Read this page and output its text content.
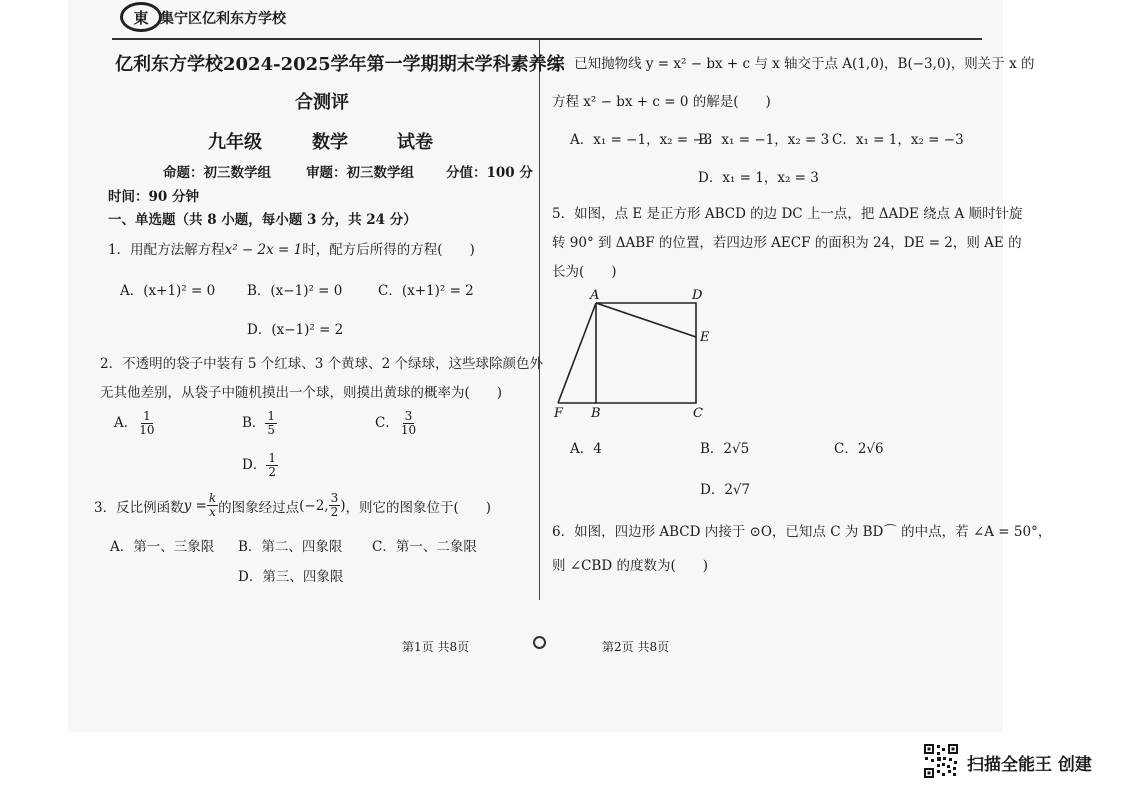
東 集宁区亿利东方学校
亿利东方学校2024-2025学年第一学期期末学科素养综
合测评
九年级	数学	试卷
命题：初三数学组	审题：初三数学组 分值：100 分
时间：90 分钟
一、单选题（共 8 小题，每小题 3 分，共 24 分）
1．用配方法解方程x² − 2x = 1时，配方后所得的方程(　　)
A．(x+1)² = 0 B．(x−1)² = 0	C．(x+1)² = 2
D．(x−1)² = 2
2．不透明的袋子中装有 5 个红球、3 个黄球、2 个绿球，这些球除颜色外
无其他差别，从袋子中随机摸出一个球，则摸出黄球的概率为(　　)
A． $\frac{1}{10}$	B． $\frac{1}{5}$	C． $\frac{3}{10}$
D． $\frac{1}{2}$
3．反比例函数 $y = \frac{k}{x}$ 的图象经过点 (−2, $\frac{3}{2}$ ) ，则它的图象位于(　　)
A．第一、三象限 B．第二、四象限 C．第一、二象限
D．第三、四象限
4．已知抛物线 y = x² − bx + c 与 x 轴交于点 A(1,0)，B(−3,0)，则关于 x 的
方程 x² − bx + c = 0 的解是(　　)
A．x₁ = −1，x₂ = −3
B．x₁ = −1，x₂ = 3 C．x₁ = 1，x₂ = −3
D．x₁ = 1，x₂ = 3
5．如图，点 E 是正方形 ABCD 的边 DC 上一点，把 ΔADE 绕点 A 顺时针旋
转 90° 到 ΔABF 的位置，若四边形 AECF 的面积为 24，DE = 2，则 AE 的
长为(　　)
A	D
E
F B	C
A．4	B．2√5	C．2√6
D．2√7
6．如图，四边形 ABCD 内接于 ⊙O，已知点 C 为 BD⌒ 的中点，若 ∠A = 50°，
则 ∠CBD 的度数为(　　)
第1页 共8页	第2页 共8页
扫描全能王 创建
